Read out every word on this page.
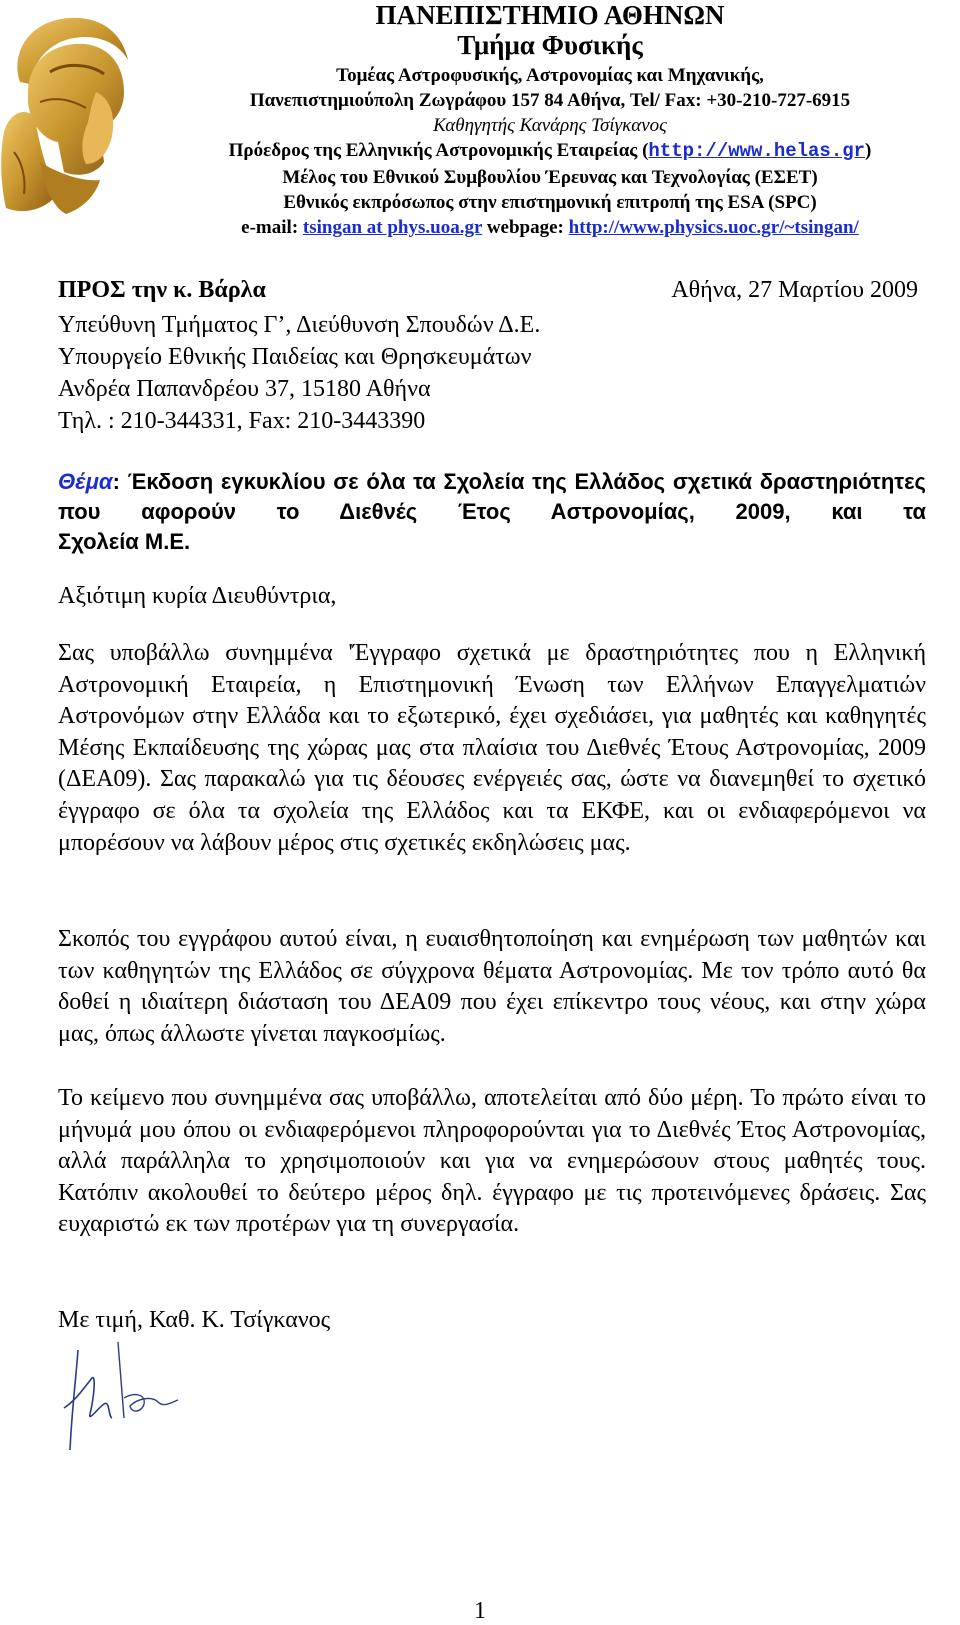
ΠΑΝΕΠΙΣΤΗΜΙΟ ΑΘΗΝΩΝ
Τμήμα Φυσικής
Τομέας Αστροφυσικής, Αστρονομίας και Μηχανικής,
Πανεπιστημιούπολη Ζωγράφου 157 84 Αθήνα, Tel/ Fax: +30-210-727-6915
Καθηγητής Κανάρης Τσίγκανος
Πρόεδρος της Ελληνικής Αστρονομικής Εταιρείας (http://www.helas.gr)
Μέλος του Εθνικού Συμβουλίου Έρευνας και Τεχνολογίας (ΕΣΕΤ)
Εθνικός εκπρόσωπος στην επιστημονική επιτροπή της ESA (SPC)
e-mail: tsingan at phys.uoa.gr webpage: http://www.physics.uoc.gr/~tsingan/
ΠΡΟΣ την κ. Βάρλα	Αθήνα, 27 Μαρτίου 2009
Υπεύθυνη Τμήματος Γ’, Διεύθυνση Σπουδών Δ.Ε.
Υπουργείο Εθνικής Παιδείας και Θρησκευμάτων
Ανδρέα Παπανδρέου 37, 15180 Αθήνα
Τηλ. : 210-344331, Fax: 210-3443390
Θέμα: Έκδοση εγκυκλίου σε όλα τα Σχολεία της Ελλάδος σχετικά δραστηριότητες που αφορούν το Διεθνές Έτος Αστρονομίας, 2009, και τα
Σχολεία Μ.Ε.
Αξιότιμη κυρία Διευθύντρια,
Σας υποβάλλω συνημμένα 'Έγγραφο σχετικά με δραστηριότητες που η Ελληνική Αστρονομική Εταιρεία, η Επιστημονική Ένωση των Ελλήνων Επαγγελματιών Αστρονόμων στην Ελλάδα και το εξωτερικό, έχει σχεδιάσει, για μαθητές και καθηγητές Μέσης Εκπαίδευσης της χώρας μας στα πλαίσια του Διεθνές Έτους Αστρονομίας, 2009 (ΔΕΑ09). Σας παρακαλώ για τις δέουσες ενέργειές σας, ώστε να διανεμηθεί το σχετικό έγγραφο σε όλα τα σχολεία της Ελλάδος και τα ΕΚΦΕ, και οι ενδιαφερόμενοι να μπορέσουν να λάβουν μέρος στις σχετικές εκδηλώσεις μας.
Σκοπός του εγγράφου αυτού είναι, η ευαισθητοποίηση και ενημέρωση των μαθητών και των καθηγητών της Ελλάδος σε σύγχρονα θέματα Αστρονομίας. Με τον τρόπο αυτό θα δοθεί η ιδιαίτερη διάσταση του ΔΕΑ09 που έχει επίκεντρο τους νέους, και στην χώρα μας, όπως άλλωστε γίνεται παγκοσμίως.
Το κείμενο που συνημμένα σας υποβάλλω, αποτελείται από δύο μέρη. Το πρώτο είναι το μήνυμά μου όπου οι ενδιαφερόμενοι πληροφορούνται για το Διεθνές Έτος Αστρονομίας, αλλά παράλληλα το χρησιμοποιούν και για να ενημερώσουν στους μαθητές τους. Κατόπιν ακολουθεί το δεύτερο μέρος δηλ. έγγραφο με τις προτεινόμενες δράσεις. Σας ευχαριστώ εκ των προτέρων για τη συνεργασία.
Με τιμή, Καθ. Κ. Τσίγκανος
1
